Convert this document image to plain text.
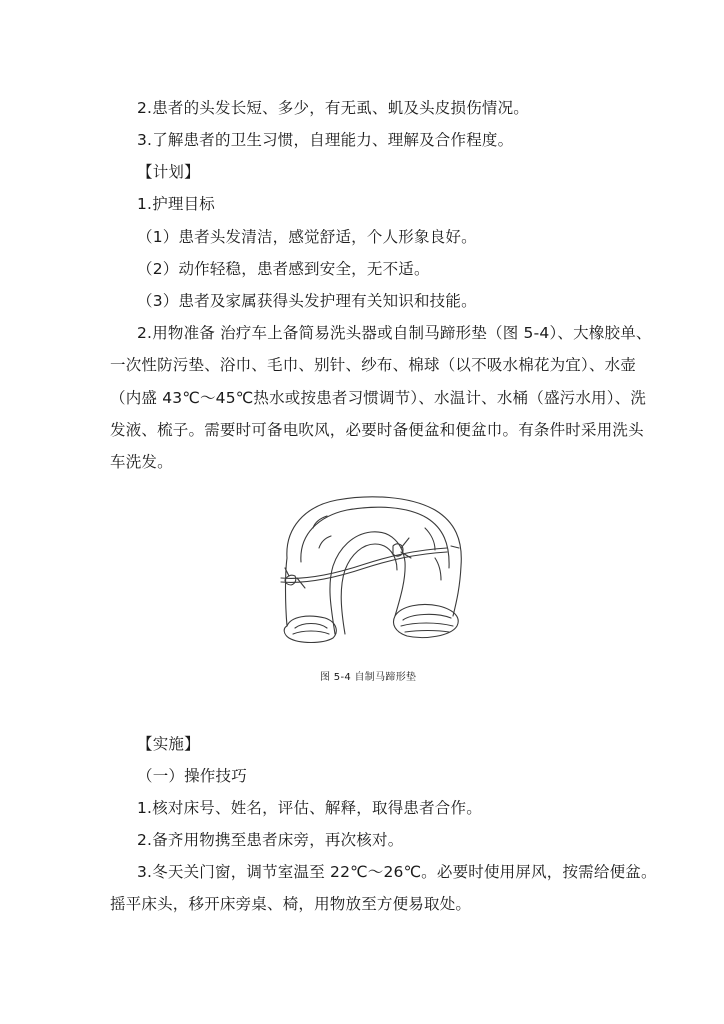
2.患者的头发长短、多少，有无虱、虮及头皮损伤情况。
3.了解患者的卫生习惯，自理能力、理解及合作程度。
【计划】
1.护理目标
（1）患者头发清洁，感觉舒适，个人形象良好。
（2）动作轻稳，患者感到安全，无不适。
（3）患者及家属获得头发护理有关知识和技能。
2.用物准备 治疗车上备简易洗头器或自制马蹄形垫（图 5-4）、大橡胶单、
一次性防污垫、浴巾、毛巾、别针、纱布、棉球（以不吸水棉花为宜）、水壶
（内盛 43℃～45℃热水或按患者习惯调节）、水温计、水桶（盛污水用）、洗
发液、梳子。需要时可备电吹风，必要时备便盆和便盆巾。有条件时采用洗头
车洗发。
图 5-4 自制马蹄形垫
【实施】
（一）操作技巧
1.核对床号、姓名，评估、解释，取得患者合作。
2.备齐用物携至患者床旁，再次核对。
3.冬天关门窗，调节室温至 22℃～26℃。必要时使用屏风，按需给便盆。
摇平床头，移开床旁桌、椅，用物放至方便易取处。
